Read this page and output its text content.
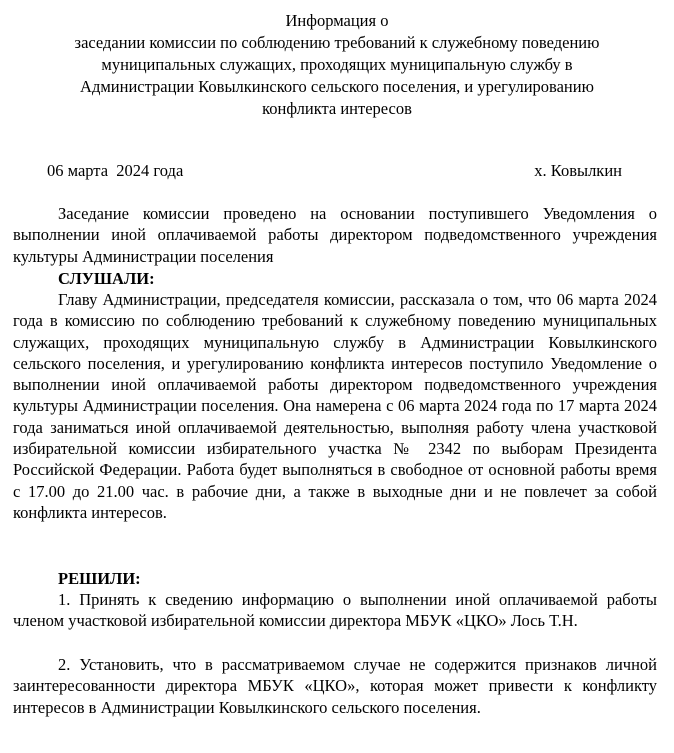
Информация о
заседании комиссии по соблюдению требований к служебному поведению
муниципальных служащих, проходящих муниципальную службу в
Администрации Ковылкинского сельского поселения, и урегулированию
конфликта интересов
06 марта  2024 года	х. Ковылкин
Заседание комиссии проведено на основании поступившего Уведомления о выполнении иной оплачиваемой работы директором подведомственного учреждения культуры Администрации поселения
СЛУШАЛИ:
Главу Администрации, председателя комиссии, рассказала о том, что 06 марта 2024 года в комиссию по соблюдению требований к служебному поведению муниципальных служащих, проходящих муниципальную службу в Администрации Ковылкинского сельского поселения, и урегулированию конфликта интересов поступило Уведомление о выполнении иной оплачиваемой работы директором подведомственного учреждения культуры Администрации поселения. Она намерена с 06 марта 2024 года по 17 марта 2024 года заниматься иной оплачиваемой деятельностью, выполняя работу члена участковой избирательной комиссии избирательного участка № 2342 по выборам Президента Российской Федерации. Работа будет выполняться в свободное от основной работы время с 17.00 до 21.00 час. в рабочие дни, а также в выходные дни и не повлечет за собой конфликта интересов.
РЕШИЛИ:
1. Принять к сведению информацию о выполнении иной оплачиваемой работы членом участковой избирательной комиссии директора МБУК «ЦКО» Лось Т.Н.
2. Установить, что в рассматриваемом случае не содержится признаков личной заинтересованности директора МБУК «ЦКО», которая может привести к конфликту интересов в Администрации Ковылкинского сельского поселения.
